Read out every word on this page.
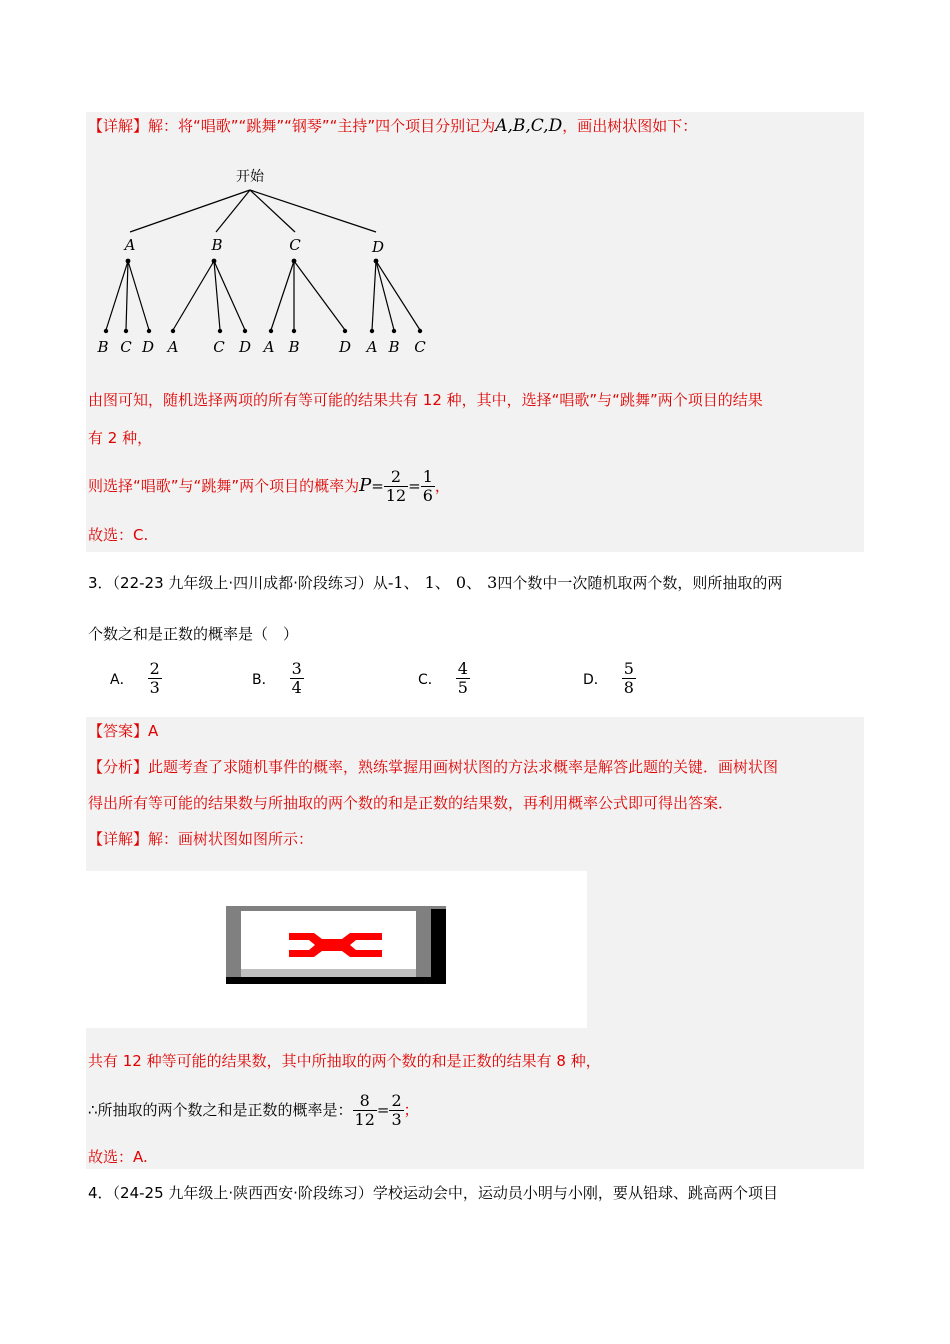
【详解】解：将“唱歌”“跳舞”“钢琴”“主持”四个项目分别记为A,B,C,D，画出树状图如下：
开始
A	B	C	D
B C D A C D A B	D A B C
由图可知，随机选择两项的所有等可能的结果共有 12 种，其中，选择“唱歌”与“跳舞”两个项目的结果
有 2 种，
则选择“唱歌”与“跳舞”两个项目的概率为$P= \frac{2}{12} = \frac{1}{6}$ ，
故选：C.
3．（22-23 九年级上·四川成都·阶段练习）从-1、 1、 0、 3四个数中一次随机取两个数，则所抽取的两
个数之和是正数的概率是（　）
A． $\frac{2}{3}$	B． $\frac{3}{4}$	C． $\frac{4}{5}$	D． $\frac{5}{8}$
【答案】A
【分析】此题考查了求随机事件的概率，熟练掌握用画树状图的方法求概率是解答此题的关键．画树状图
得出所有等可能的结果数与所抽取的两个数的和是正数的结果数，再利用概率公式即可得出答案．
【详解】解：画树状图如图所示：
共有 12 种等可能的结果数，其中所抽取的两个数的和是正数的结果有 8 种，
∴所抽取的两个数之和是正数的概率是： $\frac{8}{12} = \frac{2}{3}$ ；
故选：A.
4．（24-25 九年级上·陕西西安·阶段练习）学校运动会中，运动员小明与小刚，要从铅球、跳高两个项目
